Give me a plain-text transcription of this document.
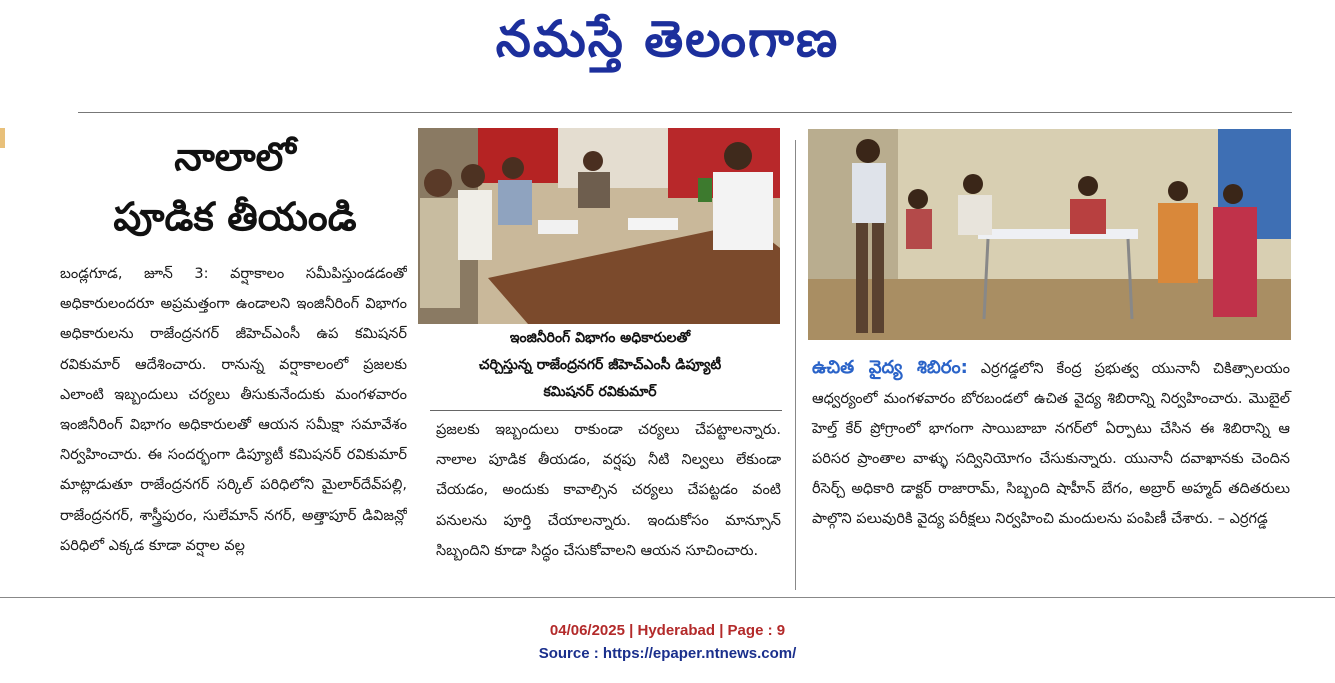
నమస్తే తెలంగాణ
నాలాలో
పూడిక తీయండి

బండ్లగూడ, జూన్ 3: వర్షాకాలం సమీపిస్తుండడంతో అధికారులందరూ అప్రమత్తంగా ఉండాలని ఇంజినీరింగ్ విభాగం అధికారులను రాజేంద్రనగర్ జీహెచ్ఎంసీ ఉప కమిషనర్ రవికుమార్ ఆదేశించారు. రానున్న వర్షాకాలంలో ప్రజలకు ఎలాంటి ఇబ్బందులు చర్యలు తీసుకునేందుకు మంగళవారం ఇంజినీరింగ్ విభాగం అధికారులతో ఆయన సమీక్షా సమావేశం నిర్వహించారు. ఈ సందర్భంగా డిప్యూటీ కమిషనర్ రవికుమార్ మాట్లాడుతూ రాజేంద్రనగర్ సర్కిల్ పరిధిలోని మైలార్‌దేవ్‌పల్లి, రాజేంద్రనగర్, శాస్త్రీపురం, సులేమాన్ నగర్, అత్తాపూర్ డివిజన్లో పరిధిలో ఎక్కడ కూడా వర్షాల వల్ల

ఇంజినీరింగ్ విభాగం అధికారులతో
చర్చిస్తున్న రాజేంద్రనగర్ జీహెచ్ఎంసీ డిప్యూటీ
కమిషనర్ రవికుమార్

ప్రజలకు ఇబ్బందులు రాకుండా చర్యలు చేపట్టాలన్నారు. నాలాల పూడిక తీయడం, వర్షపు నీటి నిల్వలు లేకుండా చేయడం, అందుకు కావాల్సిన చర్యలు చేపట్టడం వంటి పనులను పూర్తి చేయాలన్నారు. ఇందుకోసం మాన్సూన్ సిబ్బందిని కూడా సిద్ధం చేసుకోవాలని ఆయన సూచించారు.

ఉచిత వైద్య శిబిరం: ఎర్రగడ్డలోని కేంద్ర ప్రభుత్వ యునానీ చికిత్సాలయం ఆధ్వర్యంలో మంగళవారం బోరబండలో ఉచిత వైద్య శిబిరాన్ని నిర్వహించారు. మొబైల్ హెల్త్ కేర్ ప్రోగ్రాంలో భాగంగా సాయిబాబా నగర్‌లో ఏర్పాటు చేసిన ఈ శిబిరాన్ని ఆ పరిసర ప్రాంతాల వాళ్ళు సద్వినియోగం చేసుకున్నారు. యునానీ దవాఖానకు చెందిన రీసెర్చ్ అధికారి డాక్టర్ రాజారామ్, సిబ్బంది షాహీన్ బేగం, అబ్రార్ అహ్మద్ తదితరులు పాల్గొని పలువురికి వైద్య పరీక్షలు నిర్వహించి మందులను పంపిణీ చేశారు. – ఎర్రగడ్డ
04/06/2025 | Hyderabad | Page : 9
Source : https://epaper.ntnews.com/
